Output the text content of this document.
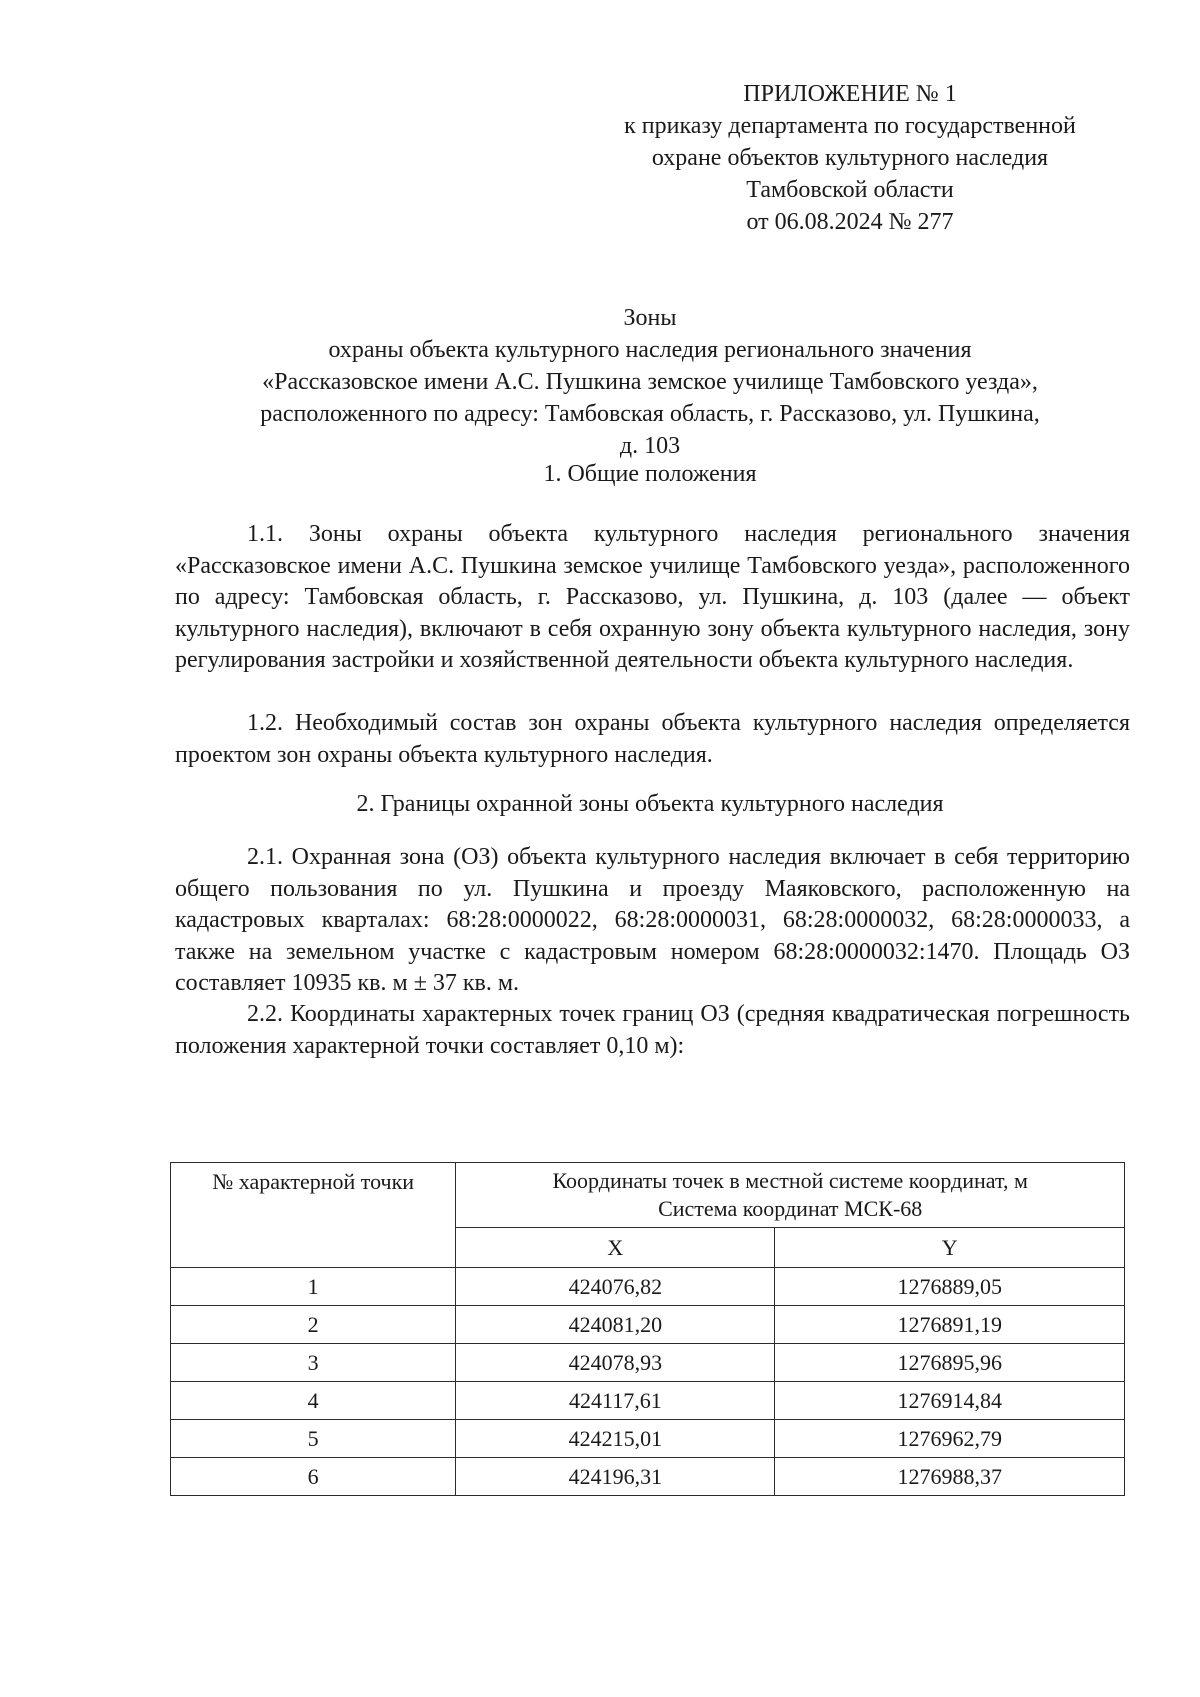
ПРИЛОЖЕНИЕ № 1
к приказу департамента по государственной
охране объектов культурного наследия
Тамбовской области
от 06.08.2024 № 277
Зоны
охраны объекта культурного наследия регионального значения
«Рассказовское имени А.С. Пушкина земское училище Тамбовского уезда»,
расположенного по адресу: Тамбовская область, г. Рассказово, ул. Пушкина,
д. 103
1. Общие положения
1.1. Зоны охраны объекта культурного наследия регионального значения «Рассказовское имени А.С. Пушкина земское училище Тамбовского уезда», расположенного по адресу: Тамбовская область, г. Рассказово, ул. Пушкина, д. 103 (далее — объект культурного наследия), включают в себя охранную зону объекта культурного наследия, зону регулирования застройки и хозяйственной деятельности объекта культурного наследия.
1.2. Необходимый состав зон охраны объекта культурного наследия определяется проектом зон охраны объекта культурного наследия.
2. Границы охранной зоны объекта культурного наследия
2.1. Охранная зона (ОЗ) объекта культурного наследия включает в себя территорию общего пользования по ул. Пушкина и проезду Маяковского, расположенную на кадастровых кварталах: 68:28:0000022, 68:28:0000031, 68:28:0000032, 68:28:0000033, а также на земельном участке с кадастровым номером 68:28:0000032:1470. Площадь ОЗ составляет 10935 кв. м ± 37 кв. м.
2.2. Координаты характерных точек границ ОЗ (средняя квадратическая погрешность положения характерной точки составляет 0,10 м):
№ характерной точки	Координаты точек в местной системе координат, м
Система координат МСК-68	

	X	Y
1	424076,82	1276889,05
2	424081,20	1276891,19
3	424078,93	1276895,96
4	424117,61	1276914,84
5	424215,01	1276962,79
6	424196,31	1276988,37
